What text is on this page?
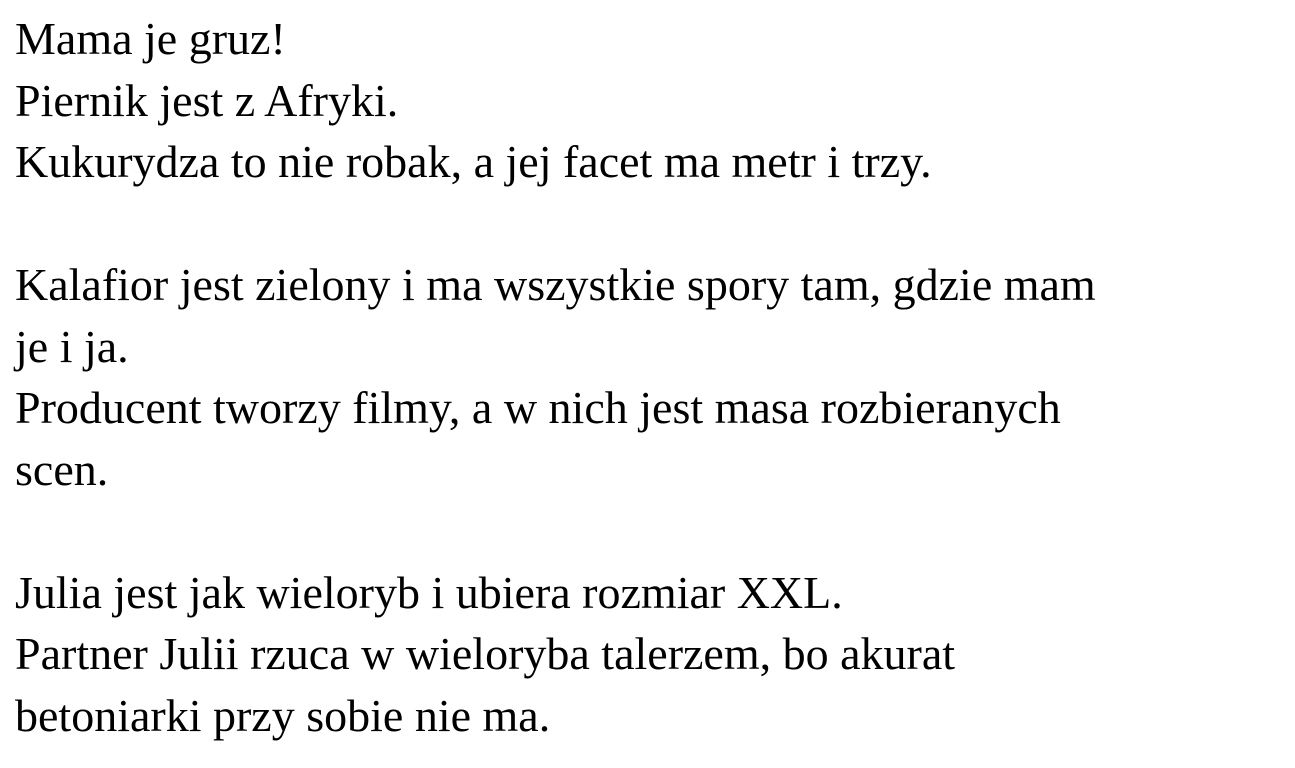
Mama je gruz!
Piernik jest z Afryki.
Kukurydza to nie robak, a jej facet ma metr i trzy.
Kalafior jest zielony i ma wszystkie spory tam, gdzie mam
je i ja.
Producent tworzy filmy, a w nich jest masa rozbieranych
scen.
Julia jest jak wieloryb i ubiera rozmiar XXL.
Partner Julii rzuca w wieloryba talerzem, bo akurat
betoniarki przy sobie nie ma.
